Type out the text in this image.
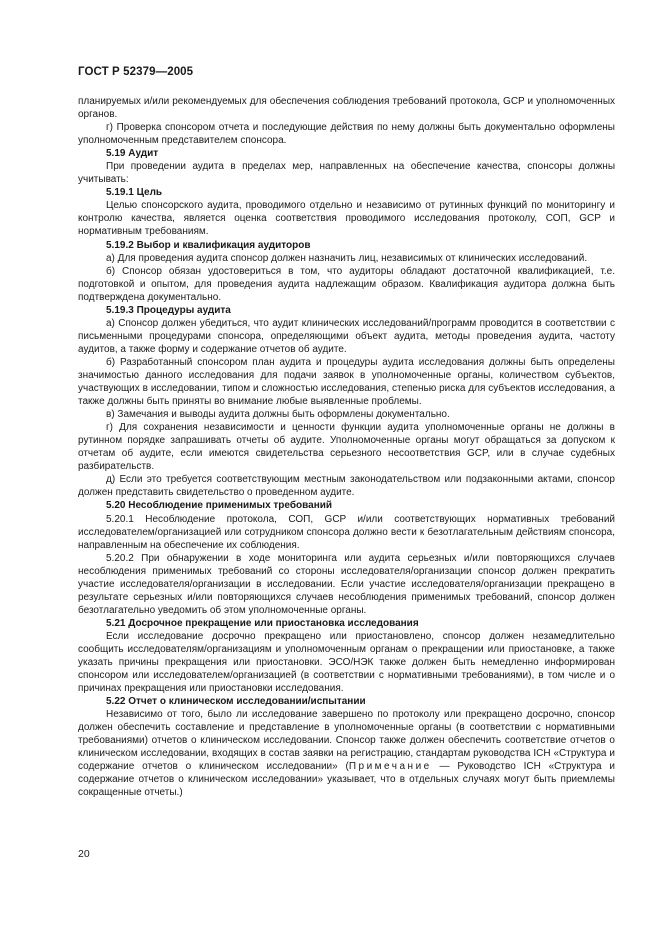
ГОСТ Р 52379—2005

планируемых и/или рекомендуемых для обеспечения соблюдения требований протокола, GCP и уполномоченных органов.

г) Проверка спонсором отчета и последующие действия по нему должны быть документально оформлены уполномоченным представителем спонсора.

5.19 Аудит

При проведении аудита в пределах мер, направленных на обеспечение качества, спонсоры должны учитывать:

5.19.1 Цель

Целью спонсорского аудита, проводимого отдельно и независимо от рутинных функций по мониторингу и контролю качества, является оценка соответствия проводимого исследования протоколу, СОП, GCP и нормативным требованиям.

5.19.2 Выбор и квалификация аудиторов

а) Для проведения аудита спонсор должен назначить лиц, независимых от клинических исследований.

б) Спонсор обязан удостовериться в том, что аудиторы обладают достаточной квалификацией, т.е. подготовкой и опытом, для проведения аудита надлежащим образом. Квалификация аудитора должна быть подтверждена документально.

5.19.3 Процедуры аудита

а) Спонсор должен убедиться, что аудит клинических исследований/программ проводится в соответствии с письменными процедурами спонсора, определяющими объект аудита, методы проведения аудита, частоту аудитов, а также форму и содержание отчетов об аудите.

б) Разработанный спонсором план аудита и процедуры аудита исследования должны быть определены значимостью данного исследования для подачи заявок в уполномоченные органы, количеством субъектов, участвующих в исследовании, типом и сложностью исследования, степенью риска для субъектов исследования, а также должны быть приняты во внимание любые выявленные проблемы.

в) Замечания и выводы аудита должны быть оформлены документально.

г) Для сохранения независимости и ценности функции аудита уполномоченные органы не должны в рутинном порядке запрашивать отчеты об аудите. Уполномоченные органы могут обращаться за допуском к отчетам об аудите, если имеются свидетельства серьезного несоответствия GCP, или в случае судебных разбирательств.

д) Если это требуется соответствующим местным законодательством или подзаконными актами, спонсор должен представить свидетельство о проведенном аудите.

5.20 Несоблюдение применимых требований

5.20.1 Несоблюдение протокола, СОП, GCP и/или соответствующих нормативных требований исследователем/организацией или сотрудником спонсора должно вести к безотлагательным действиям спонсора, направленным на обеспечение их соблюдения.

5.20.2 При обнаружении в ходе мониторинга или аудита серьезных и/или повторяющихся случаев несоблюдения применимых требований со стороны исследователя/организации спонсор должен прекратить участие исследователя/организации в исследовании. Если участие исследователя/организации прекращено в результате серьезных и/или повторяющихся случаев несоблюдения применимых требований, спонсор должен безотлагательно уведомить об этом уполномоченные органы.

5.21 Досрочное прекращение или приостановка исследования

Если исследование досрочно прекращено или приостановлено, спонсор должен незамедлительно сообщить исследователям/организациям и уполномоченным органам о прекращении или приостановке, а также указать причины прекращения или приостановки. ЭСО/НЭК также должен быть немедленно информирован спонсором или исследователем/организацией (в соответствии с нормативными требованиями), в том числе и о причинах прекращения или приостановки исследования.

5.22 Отчет о клиническом исследовании/испытании

Независимо от того, было ли исследование завершено по протоколу или прекращено досрочно, спонсор должен обеспечить составление и представление в уполномоченные органы (в соответствии с нормативными требованиями) отчетов о клиническом исследовании. Спонсор также должен обеспечить соответствие отчетов о клиническом исследовании, входящих в состав заявки на регистрацию, стандартам руководства ICH «Структура и содержание отчетов о клиническом исследовании» (Примечание — Руководство ICH «Структура и содержание отчетов о клиническом исследовании» указывает, что в отдельных случаях могут быть приемлемы сокращенные отчеты.)

20
